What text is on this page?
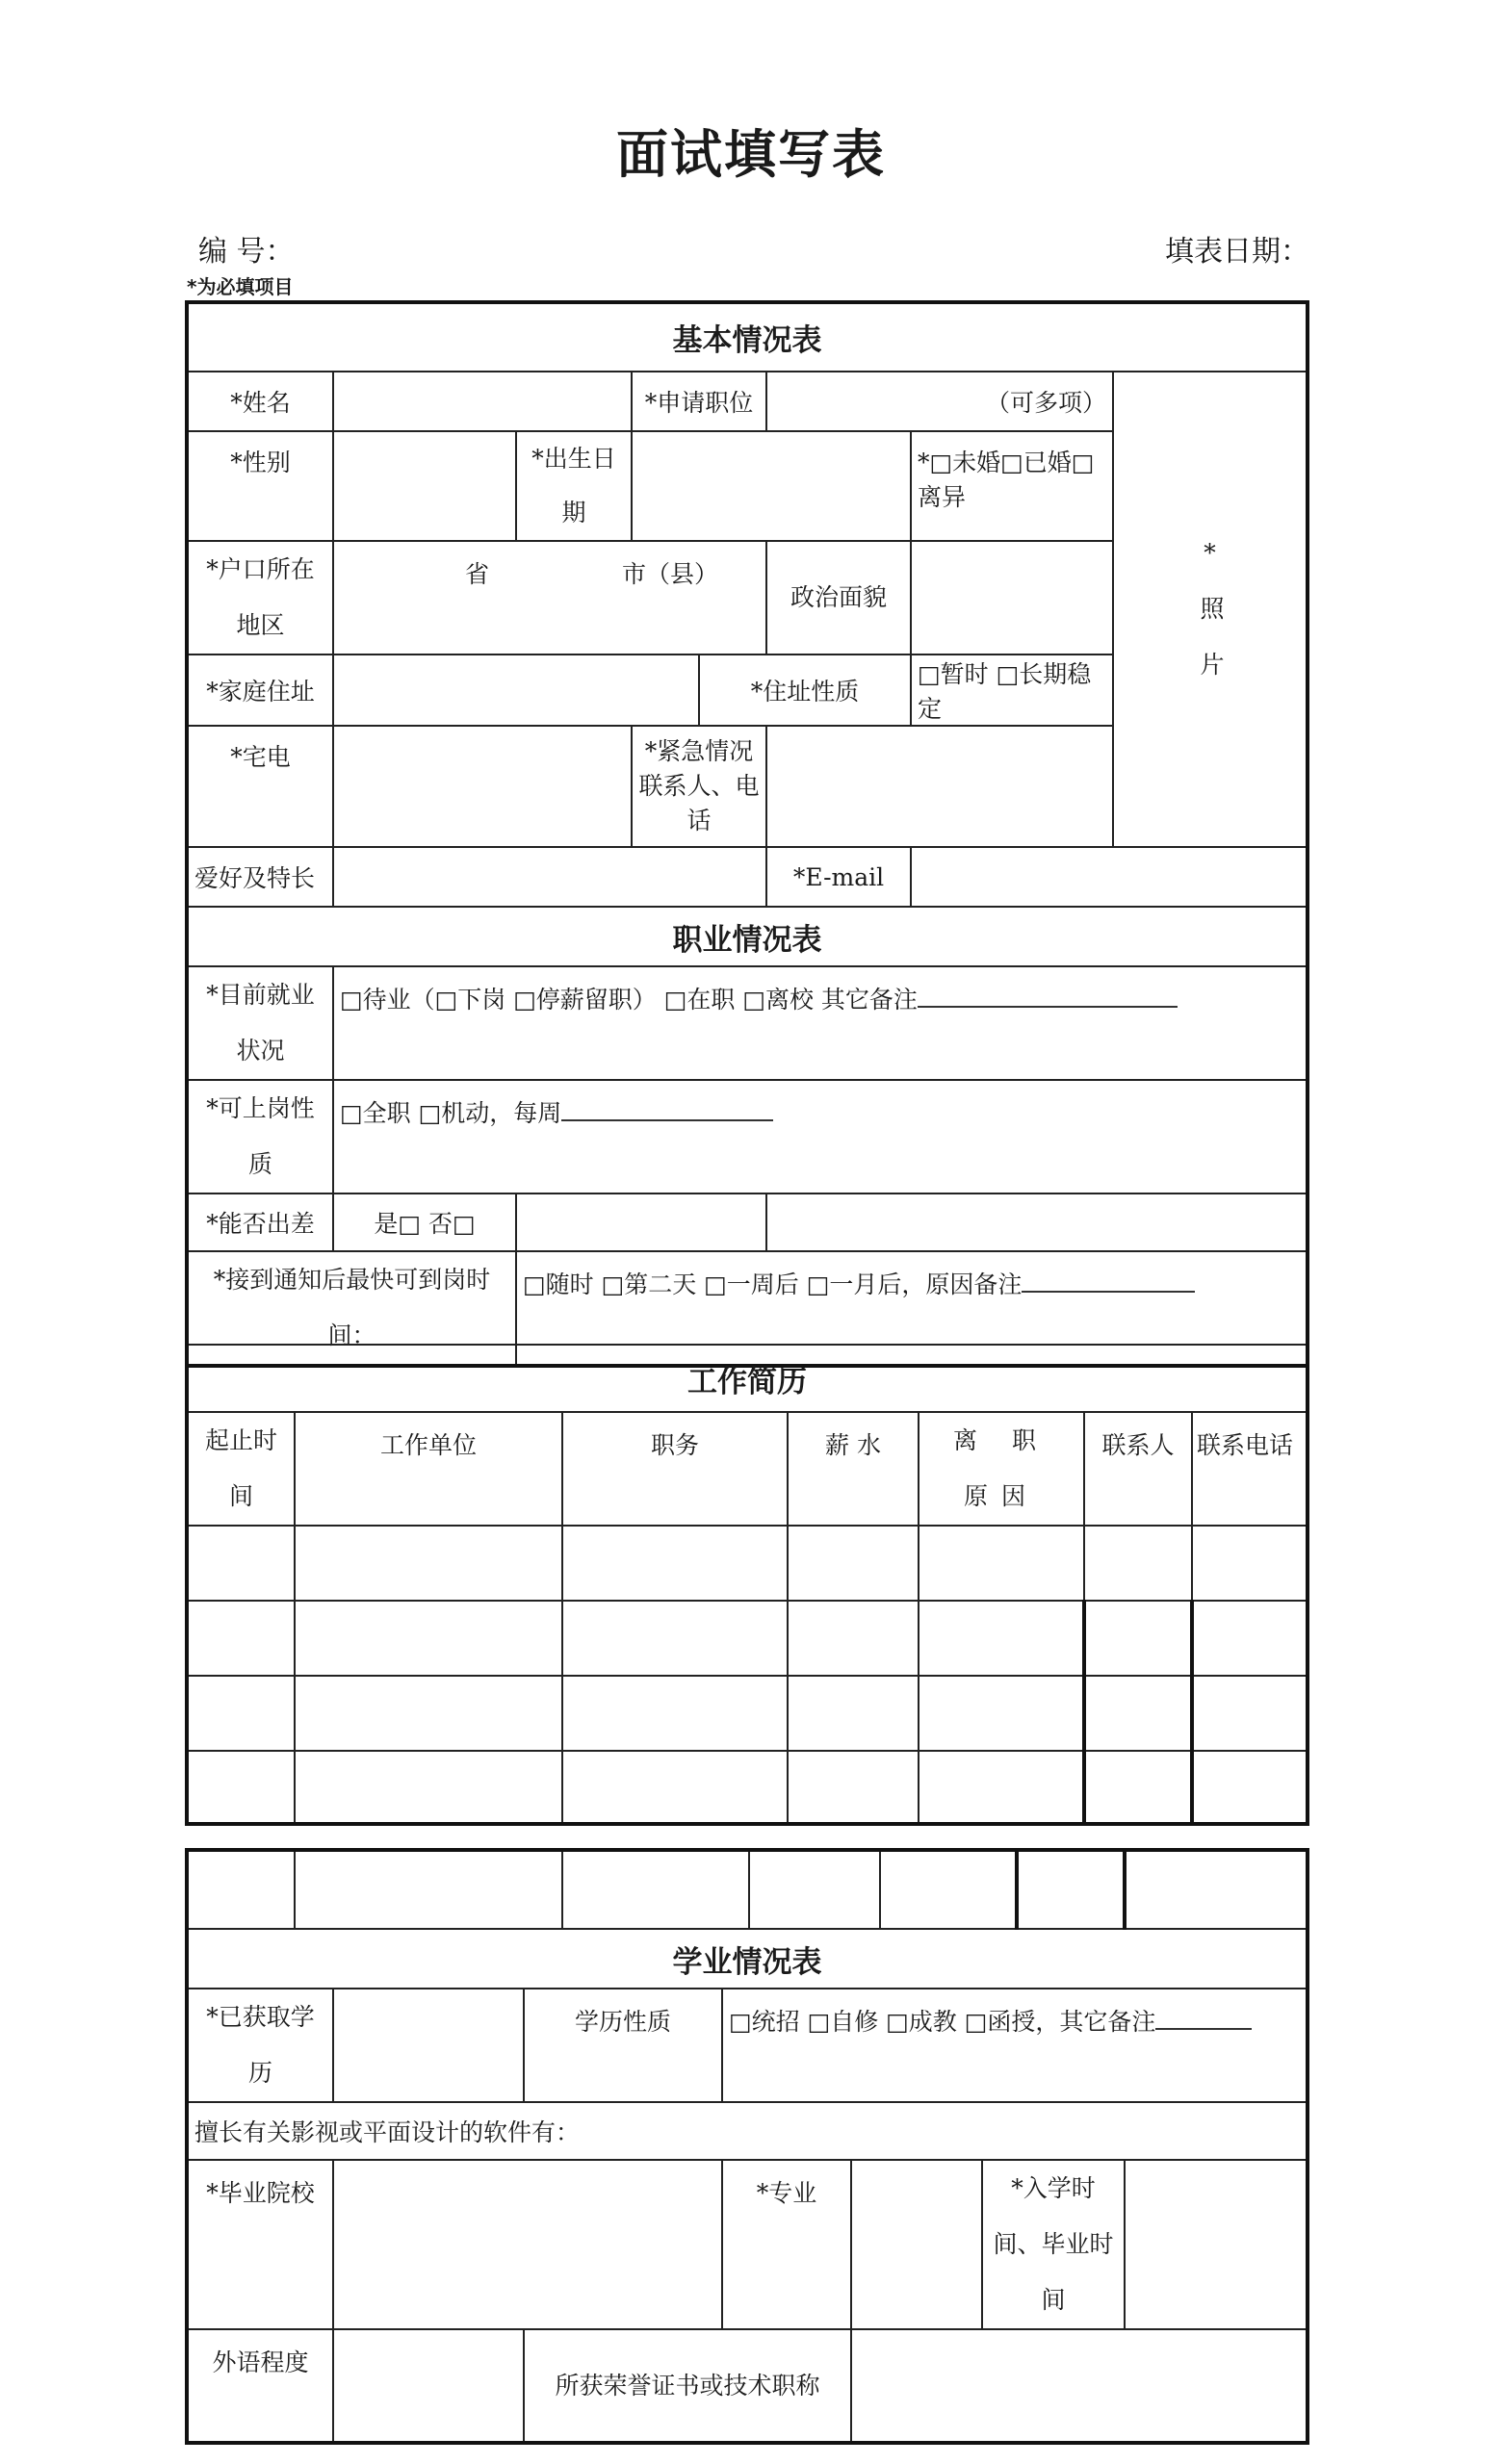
面试填写表
编 号：	填表日期：
*为必填项目
基本情况表							
*姓名			*申请职位		（可多项）		*照片

*性别		*出生日期				*□未婚□已婚□离异	
*户口所在地区	省 市（县）				政治面貌		
*家庭住址				*住址性质		□暂时 □长期稳定	
*宅电			*紧急情况联系人、电话				
爱好及特长					*E-mail		
职业情况表							
*目前就业状况	□待业（□下岗 □停薪留职） □在职 □离校 其它备注						
*可上岗性质	□全职 □机动，每周						
*能否出差	是□ 否□						
*接到通知后最快可到岗时间：		□随时 □第二天 □一周后 □一月后，原因备注					
工作简历						
起止时间	工作单位	职务	薪 水	离 职 原因	联系人	联系电话

学业情况表											
*已获取学历			学历性质		□统招 □自修 □成教 □函授，其它备注						
擅长有关影视或平面设计的软件有：											
*毕业院校					*专业				*入学时间、毕业时间		
外语程度			所获荣誉证书或技术职称								
